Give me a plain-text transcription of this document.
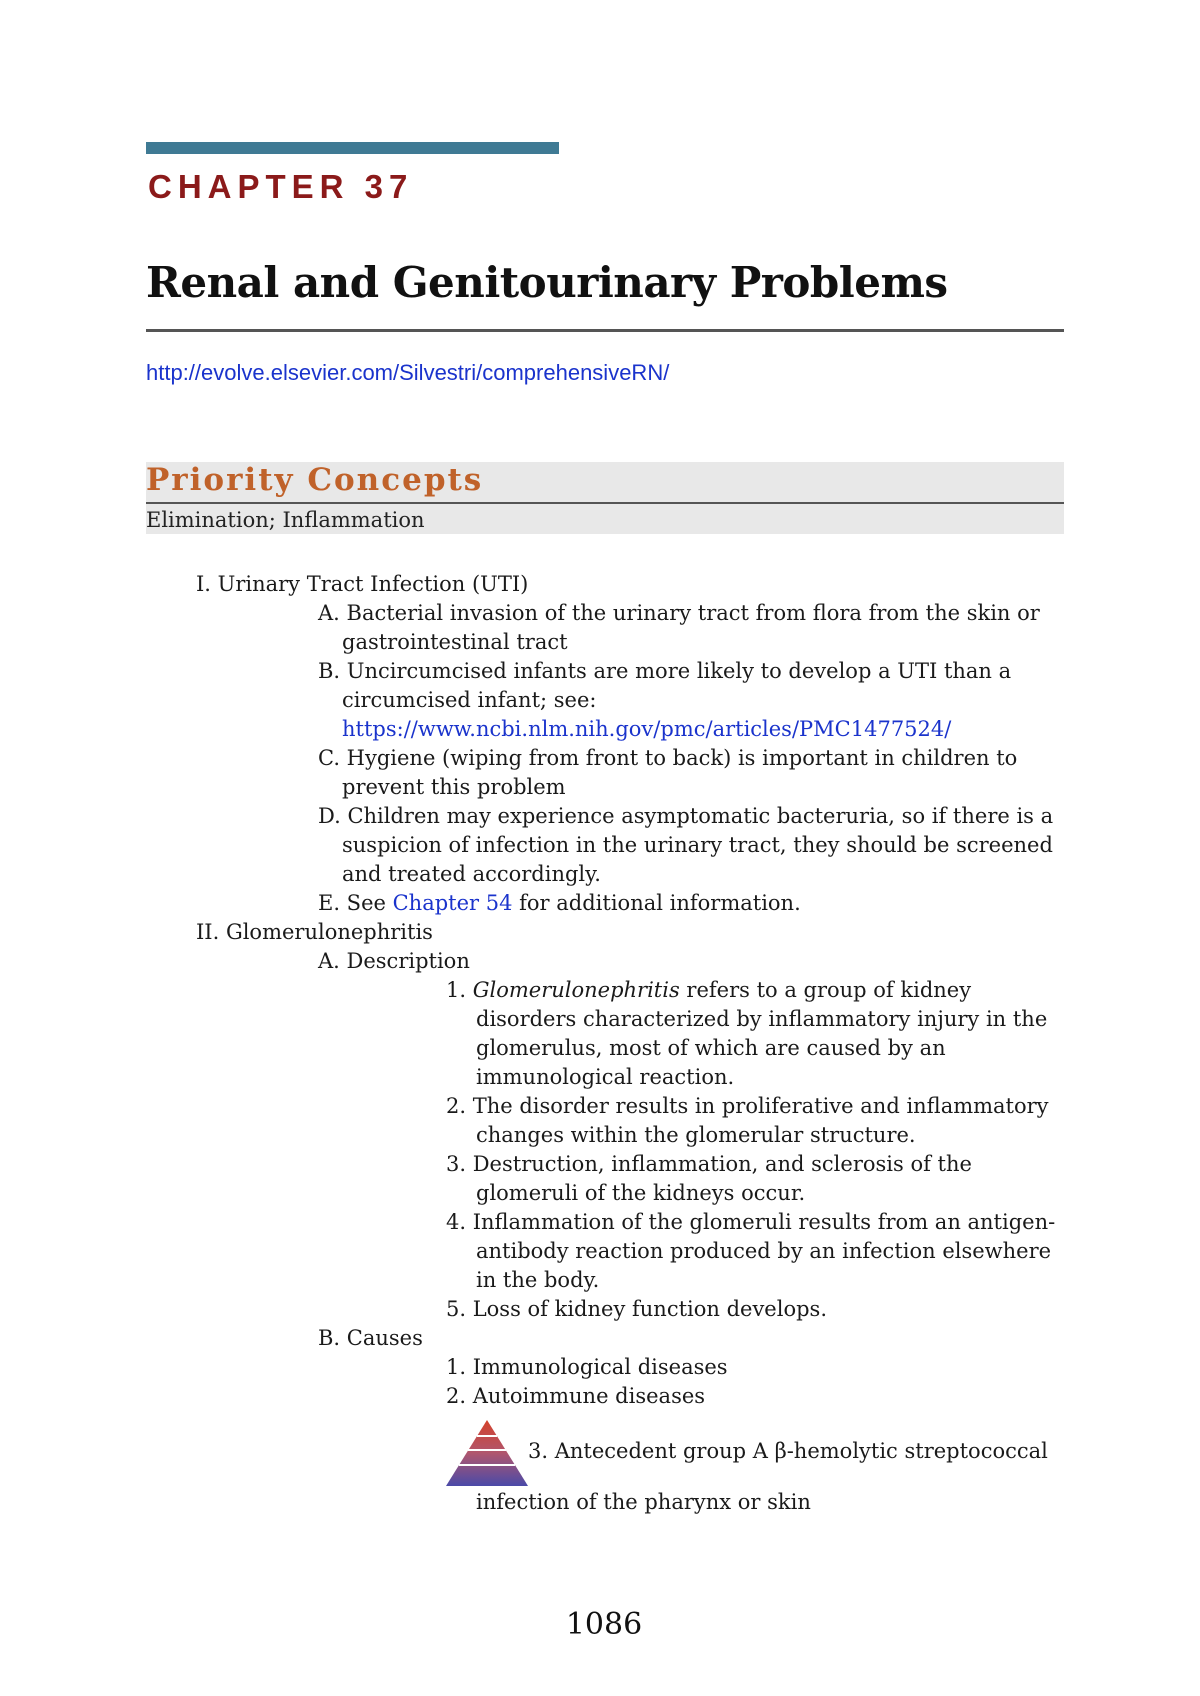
CHAPTER 37
Renal and Genitourinary Problems
http://evolve.elsevier.com/Silvestri/comprehensiveRN/
Priority Concepts
Elimination; Inflammation
I. Urinary Tract Infection (UTI)
A. Bacterial invasion of the urinary tract from flora from the skin or
gastrointestinal tract
B. Uncircumcised infants are more likely to develop a UTI than a
circumcised infant; see:
https://www.ncbi.nlm.nih.gov/pmc/articles/PMC1477524/
C. Hygiene (wiping from front to back) is important in children to
prevent this problem
D. Children may experience asymptomatic bacteruria, so if there is a
suspicion of infection in the urinary tract, they should be screened
and treated accordingly.
E. See Chapter 54 for additional information.
II. Glomerulonephritis
A. Description
1. Glomerulonephritis refers to a group of kidney
disorders characterized by inflammatory injury in the
glomerulus, most of which are caused by an
immunological reaction.
2. The disorder results in proliferative and inflammatory
changes within the glomerular structure.
3. Destruction, inflammation, and sclerosis of the
glomeruli of the kidneys occur.
4. Inflammation of the glomeruli results from an antigen-
antibody reaction produced by an infection elsewhere
in the body.
5. Loss of kidney function develops.
B. Causes
1. Immunological diseases
2. Autoimmune diseases
3. Antecedent group A β-hemolytic streptococcal
infection of the pharynx or skin
1086
